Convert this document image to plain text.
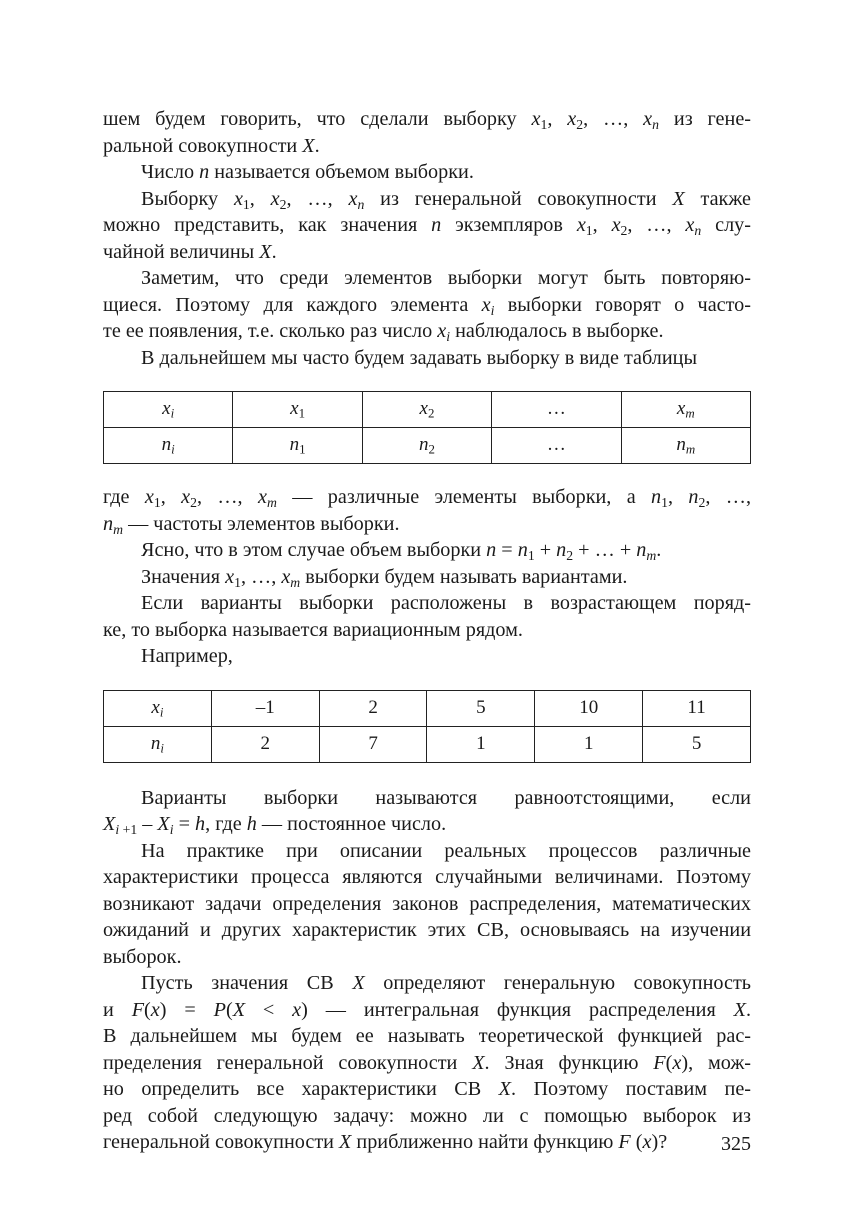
шем будем говорить, что сделали выборку $x_1$, $x_2$, …, $x_n$ из гене-

ральной совокупности X.

Число n называется объемом выборки.

Выборку $x_1$, $x_2$, …, $x_n$ из генеральной совокупности X также

можно представить, как значения n экземпляров $x_1$, $x_2$, …, $x_n$ слу-

чайной величины X.

Заметим, что среди элементов выборки могут быть повторяю-

щиеся. Поэтому для каждого элемента $x_i$ выборки говорят о часто-

те ее появления, т.е. сколько раз число $x_i$ наблюдалось в выборке.

В дальнейшем мы часто будем задавать выборку в виде таблицы

$x_i$	$x_1$	$x_2$	…	$x_m$
$n_i$	$n_1$	$n_2$	…	$n_m$

где $x_1$, $x_2$, …, $x_m$ — различные элементы выборки, а $n_1$, $n_2$, …,

$n_m$ — частоты элементов выборки.

Ясно, что в этом случае объем выборки $n = n_1 + n_2$ + … + $n_m$.

Значения $x_1$, …, $x_m$ выборки будем называть вариантами.

Если варианты выборки расположены в возрастающем поряд-

ке, то выборка называется вариационным рядом.

Например,

$x_i$	–1	2	5	10	11
$n_i$	2	7	1	1	5

Варианты выборки называются равноотстоящими, если

$X_{i +1} - X_i = h$, где h — постоянное число.

На практике при описании реальных процессов различные характеристики процесса являются случайными величинами. Поэтому возникают задачи определения законов распределения, математических ожиданий и других характеристик этих СВ, основываясь на изучении выборок.

Пусть значения СВ X определяют генеральную совокупность

и F(x) = P(X < x) — интегральная функция распределения X.

В дальнейшем мы будем ее называть теоретической функцией рас-

пределения генеральной совокупности X. Зная функцию F(x), мож-

но определить все характеристики СВ X. Поэтому поставим пе-

ред собой следующую задачу: можно ли с помощью выборок из

генеральной совокупности X приближенно найти функцию F (x)?	325
